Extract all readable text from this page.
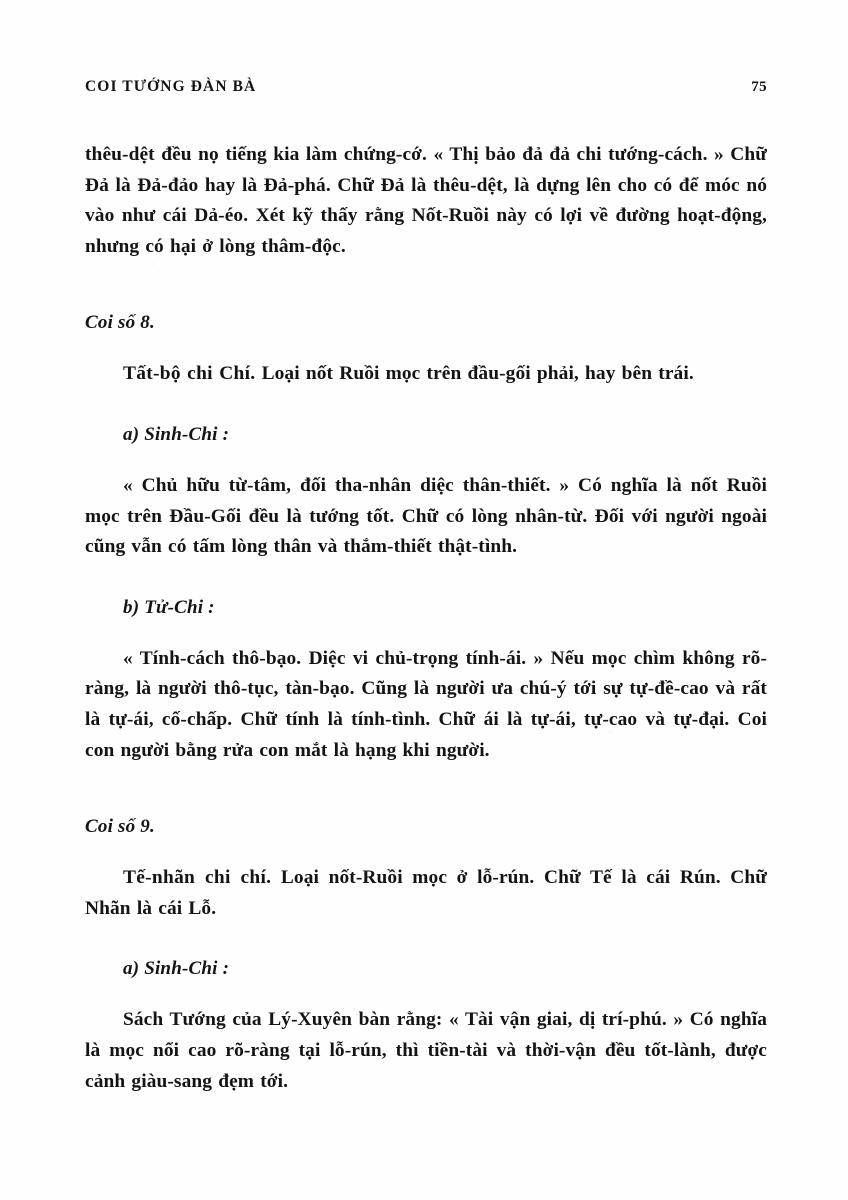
COI TƯỚNG ĐÀN BÀ	75

thêu-dệt đều nọ tiếng kia làm chứng-cớ. « Thị bảo đả đả chi tướng-cách. » Chữ Đả là Đả-đảo hay là Đả-phá. Chữ Đả là thêu-dệt, là dựng lên cho có để móc nó vào như cái Dả-éo. Xét kỹ thấy rằng Nốt-Ruồi này có lợi về đường hoạt-động, nhưng có hại ở lòng thâm-độc.

Coi số 8.

Tất-bộ chi Chí. Loại nốt Ruồi mọc trên đầu-gối phải, hay bên trái.

a) Sinh-Chi :

« Chủ hữu từ-tâm, đối tha-nhân diệc thân-thiết. » Có nghĩa là nốt Ruồi mọc trên Đầu-Gối đều là tướng tốt. Chữ có lòng nhân-từ. Đối với người ngoài cũng vẫn có tấm lòng thân và thắm-thiết thật-tình.

b) Tử-Chi :

« Tính-cách thô-bạo. Diệc vi chủ-trọng tính-ái. » Nếu mọc chìm không rõ-ràng, là người thô-tục, tàn-bạo. Cũng là người ưa chú-ý tới sự tự-đề-cao và rất là tự-ái, cố-chấp. Chữ tính là tính-tình. Chữ ái là tự-ái, tự-cao và tự-đại. Coi con người bằng rửa con mắt là hạng khi người.

Coi số 9.

Tế-nhãn chi chí. Loại nốt-Ruồi mọc ở lỗ-rún. Chữ Tế là cái Rún. Chữ Nhãn là cái Lỗ.

a) Sinh-Chi :

Sách Tướng của Lý-Xuyên bàn rằng: « Tài vận giai, dị trí-phú. » Có nghĩa là mọc nổi cao rõ-ràng tại lỗ-rún, thì tiền-tài và thời-vận đều tốt-lành, được cảnh giàu-sang đẹm tới.
